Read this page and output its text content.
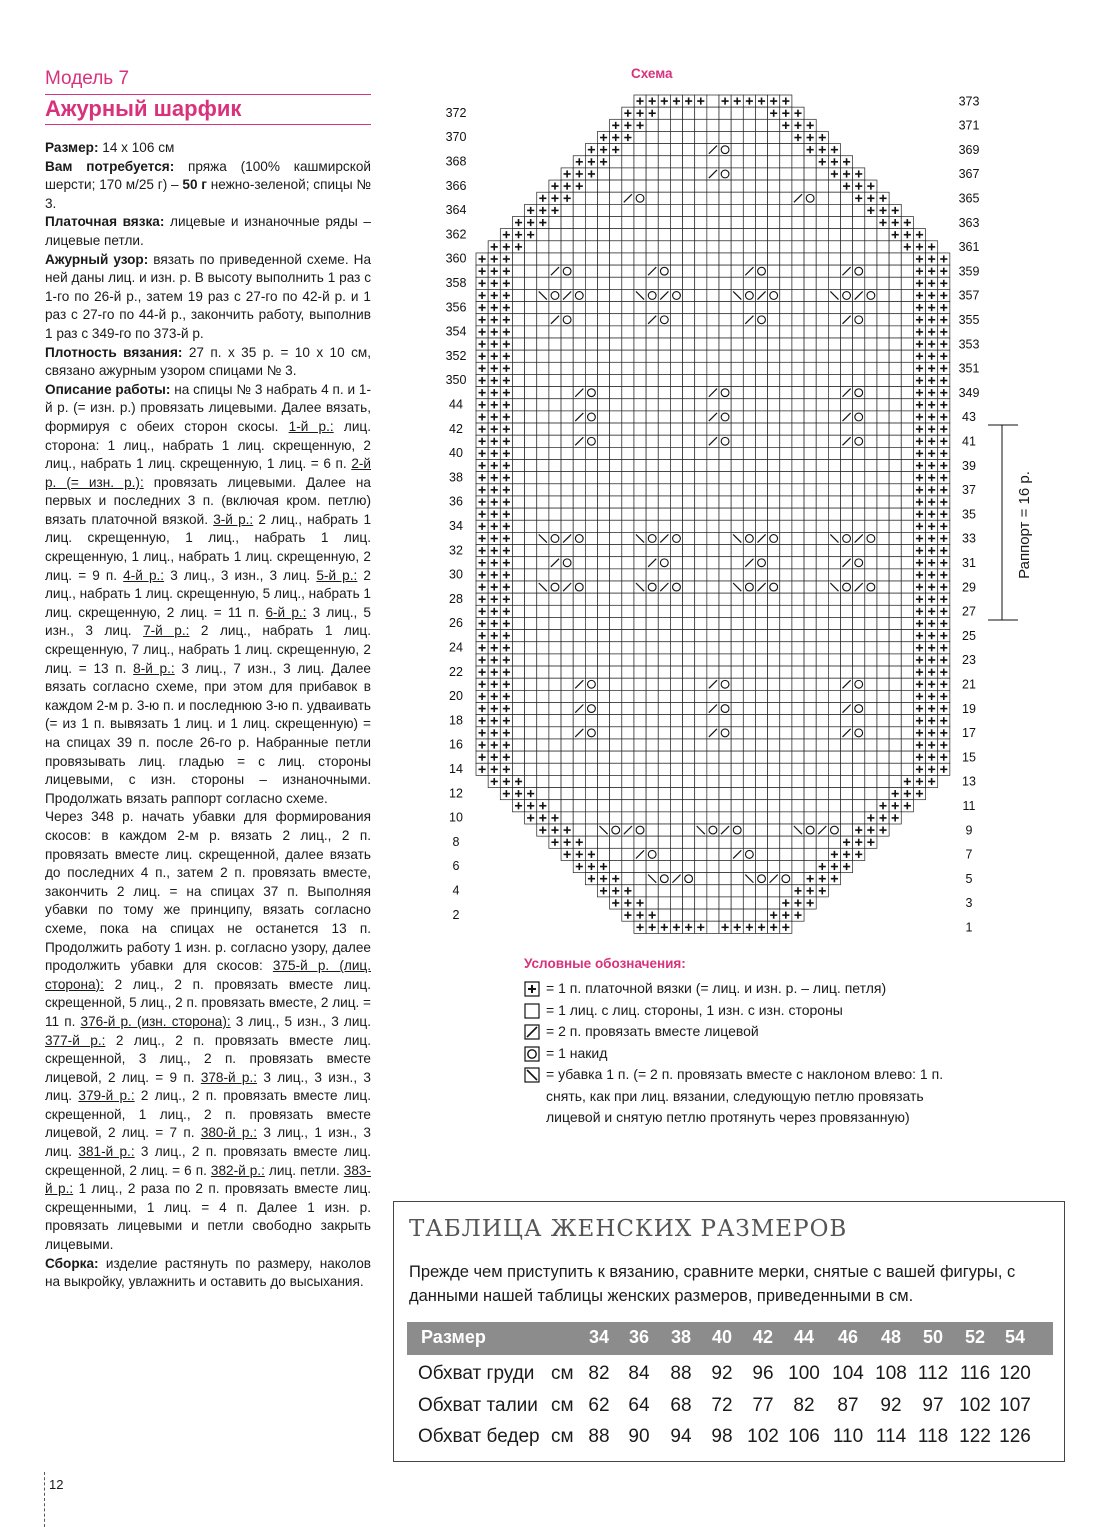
Модель 7
Ажурный шарфик

Размер: 14 х 106 см

Вам потребуется: пряжа (100% кашмирской шерсти; 170 м/25 г) – 50 г нежно-зеленой; спицы № 3.

Платочная вязка: лицевые и изнаночные ряды – лицевые петли.

Ажурный узор: вязать по приведенной схеме. На ней даны лиц. и изн. р. В высоту выполнить 1 раз с 1-го по 26-й р., затем 19 раз с 27-го по 42-й р. и 1 раз с 27-го по 44-й р., закончить работу, выполнив 1 раз с 349-го по 373-й р.

Плотность вязания: 27 п. х 35 р. = 10 х 10 см, связано ажурным узором спицами № 3.

Описание работы: на спицы № 3 набрать 4 п. и 1-й р. (= изн. р.) провязать лицевыми. Далее вязать, формируя с обеих сторон скосы. 1-й р.: лиц. сторона: 1 лиц., набрать 1 лиц. скрещенную, 2 лиц., набрать 1 лиц. скрещенную, 1 лиц. = 6 п. 2-й р. (= изн. р.): провязать лицевыми. Далее на первых и последних 3 п. (включая кром. петлю) вязать платочной вязкой. 3-й р.: 2 лиц., набрать 1 лиц. скрещенную, 1 лиц., набрать 1 лиц. скрещенную, 1 лиц., набрать 1 лиц. скрещенную, 2 лиц. = 9 п. 4-й р.: 3 лиц., 3 изн., 3 лиц. 5-й р.: 2 лиц., набрать 1 лиц. скрещенную, 5 лиц., набрать 1 лиц. скрещенную, 2 лиц. = 11 п. 6-й р.: 3 лиц., 5 изн., 3 лиц. 7-й р.: 2 лиц., набрать 1 лиц. скрещенную, 7 лиц., набрать 1 лиц. скрещенную, 2 лиц. = 13 п. 8-й р.: 3 лиц., 7 изн., 3 лиц. Далее вязать согласно схеме, при этом для прибавок в каждом 2-м р. 3-ю п. и последнюю 3-ю п. удваивать (= из 1 п. вывязать 1 лиц. и 1 лиц. скрещенную) = на спицах 39 п. после 26-го р. Набранные петли провязывать лиц. гладью = с лиц. стороны лицевыми, с изн. стороны – изнаночными. Продолжать вязать раппорт согласно схеме.

Через 348 р. начать убавки для формирования скосов: в каждом 2-м р. вязать 2 лиц., 2 п. провязать вместе лиц. скрещенной, далее вязать до последних 4 п., затем 2 п. провязать вместе, закончить 2 лиц. = на спицах 37 п. Выполняя убавки по тому же принципу, вязать согласно схеме, пока на спицах не останется 13 п. Продолжить работу 1 изн. р. согласно узору, далее продолжить убавки для скосов: 375-й р. (лиц. сторона): 2 лиц., 2 п. провязать вместе лиц. скрещенной, 5 лиц., 2 п. провязать вместе, 2 лиц. = 11 п. 376-й р. (изн. сторона): 3 лиц., 5 изн., 3 лиц. 377-й р.: 2 лиц., 2 п. провязать вместе лиц. скрещенной, 3 лиц., 2 п. провязать вместе лицевой, 2 лиц. = 9 п. 378-й р.: 3 лиц., 3 изн., 3 лиц. 379-й р.: 2 лиц., 2 п. провязать вместе лиц. скрещенной, 1 лиц., 2 п. провязать вместе лицевой, 2 лиц. = 7 п. 380-й р.: 3 лиц., 1 изн., 3 лиц. 381-й р.: 3 лиц., 2 п. провязать вместе лиц. скрещенной, 2 лиц. = 6 п. 382-й р.: лиц. петли. 383-й р.: 1 лиц., 2 раза по 2 п. провязать вместе лиц. скрещенными, 1 лиц. = 4 п. Далее 1 изн. р. провязать лицевыми и петли свободно закрыть лицевыми.

Сборка: изделие растянуть по размеру, наколов на выкройку, увлажнить и оставить до высыхания.

12
Схема
372
370
368
366
364
362
360
358
356
354
352
350
44
42
40
38
36
34
32
30
28
26
24
22
20
18
16
14
12
10
8
6
4
2
373
371
369
367
365
363
361
359
357
355
353
351
349
43
41
39
37
35
33
31
29
27
25
23
21
19
17
15
13
11
9
7
5
3
1
Раппорт = 16 р.
Условные обозначения:
= 1 п. платочной вязки (= лиц. и изн. р. – лиц. петля)
= 1 лиц. с лиц. стороны, 1 изн. с изн. стороны
= 2 п. провязать вместе лицевой
= 1 накид
= убавка 1 п. (= 2 п. провязать вместе с наклоном влево: 1 п. снять, как при лиц. вязании, следующую петлю провязать лицевой и снятую петлю протянуть через провязанную)
ТАБЛИЦА ЖЕНСКИХ РАЗМЕРОВ
Прежде чем приступить к вязанию, сравните мерки, снятые с вашей фигуры, с данными нашей таблицы женских размеров, приведенными в см.
Размер	34	36	38	40	42	44	46	48	50	52	54
Обхват груди см 82 84	88	92	96 100 104 108 112 116 120
Обхват талии см 62 64	68	72	77	82	87	92	97 102 107
Обхват бедер см 88 90	94	98 102 106 110 114 118 122 126
